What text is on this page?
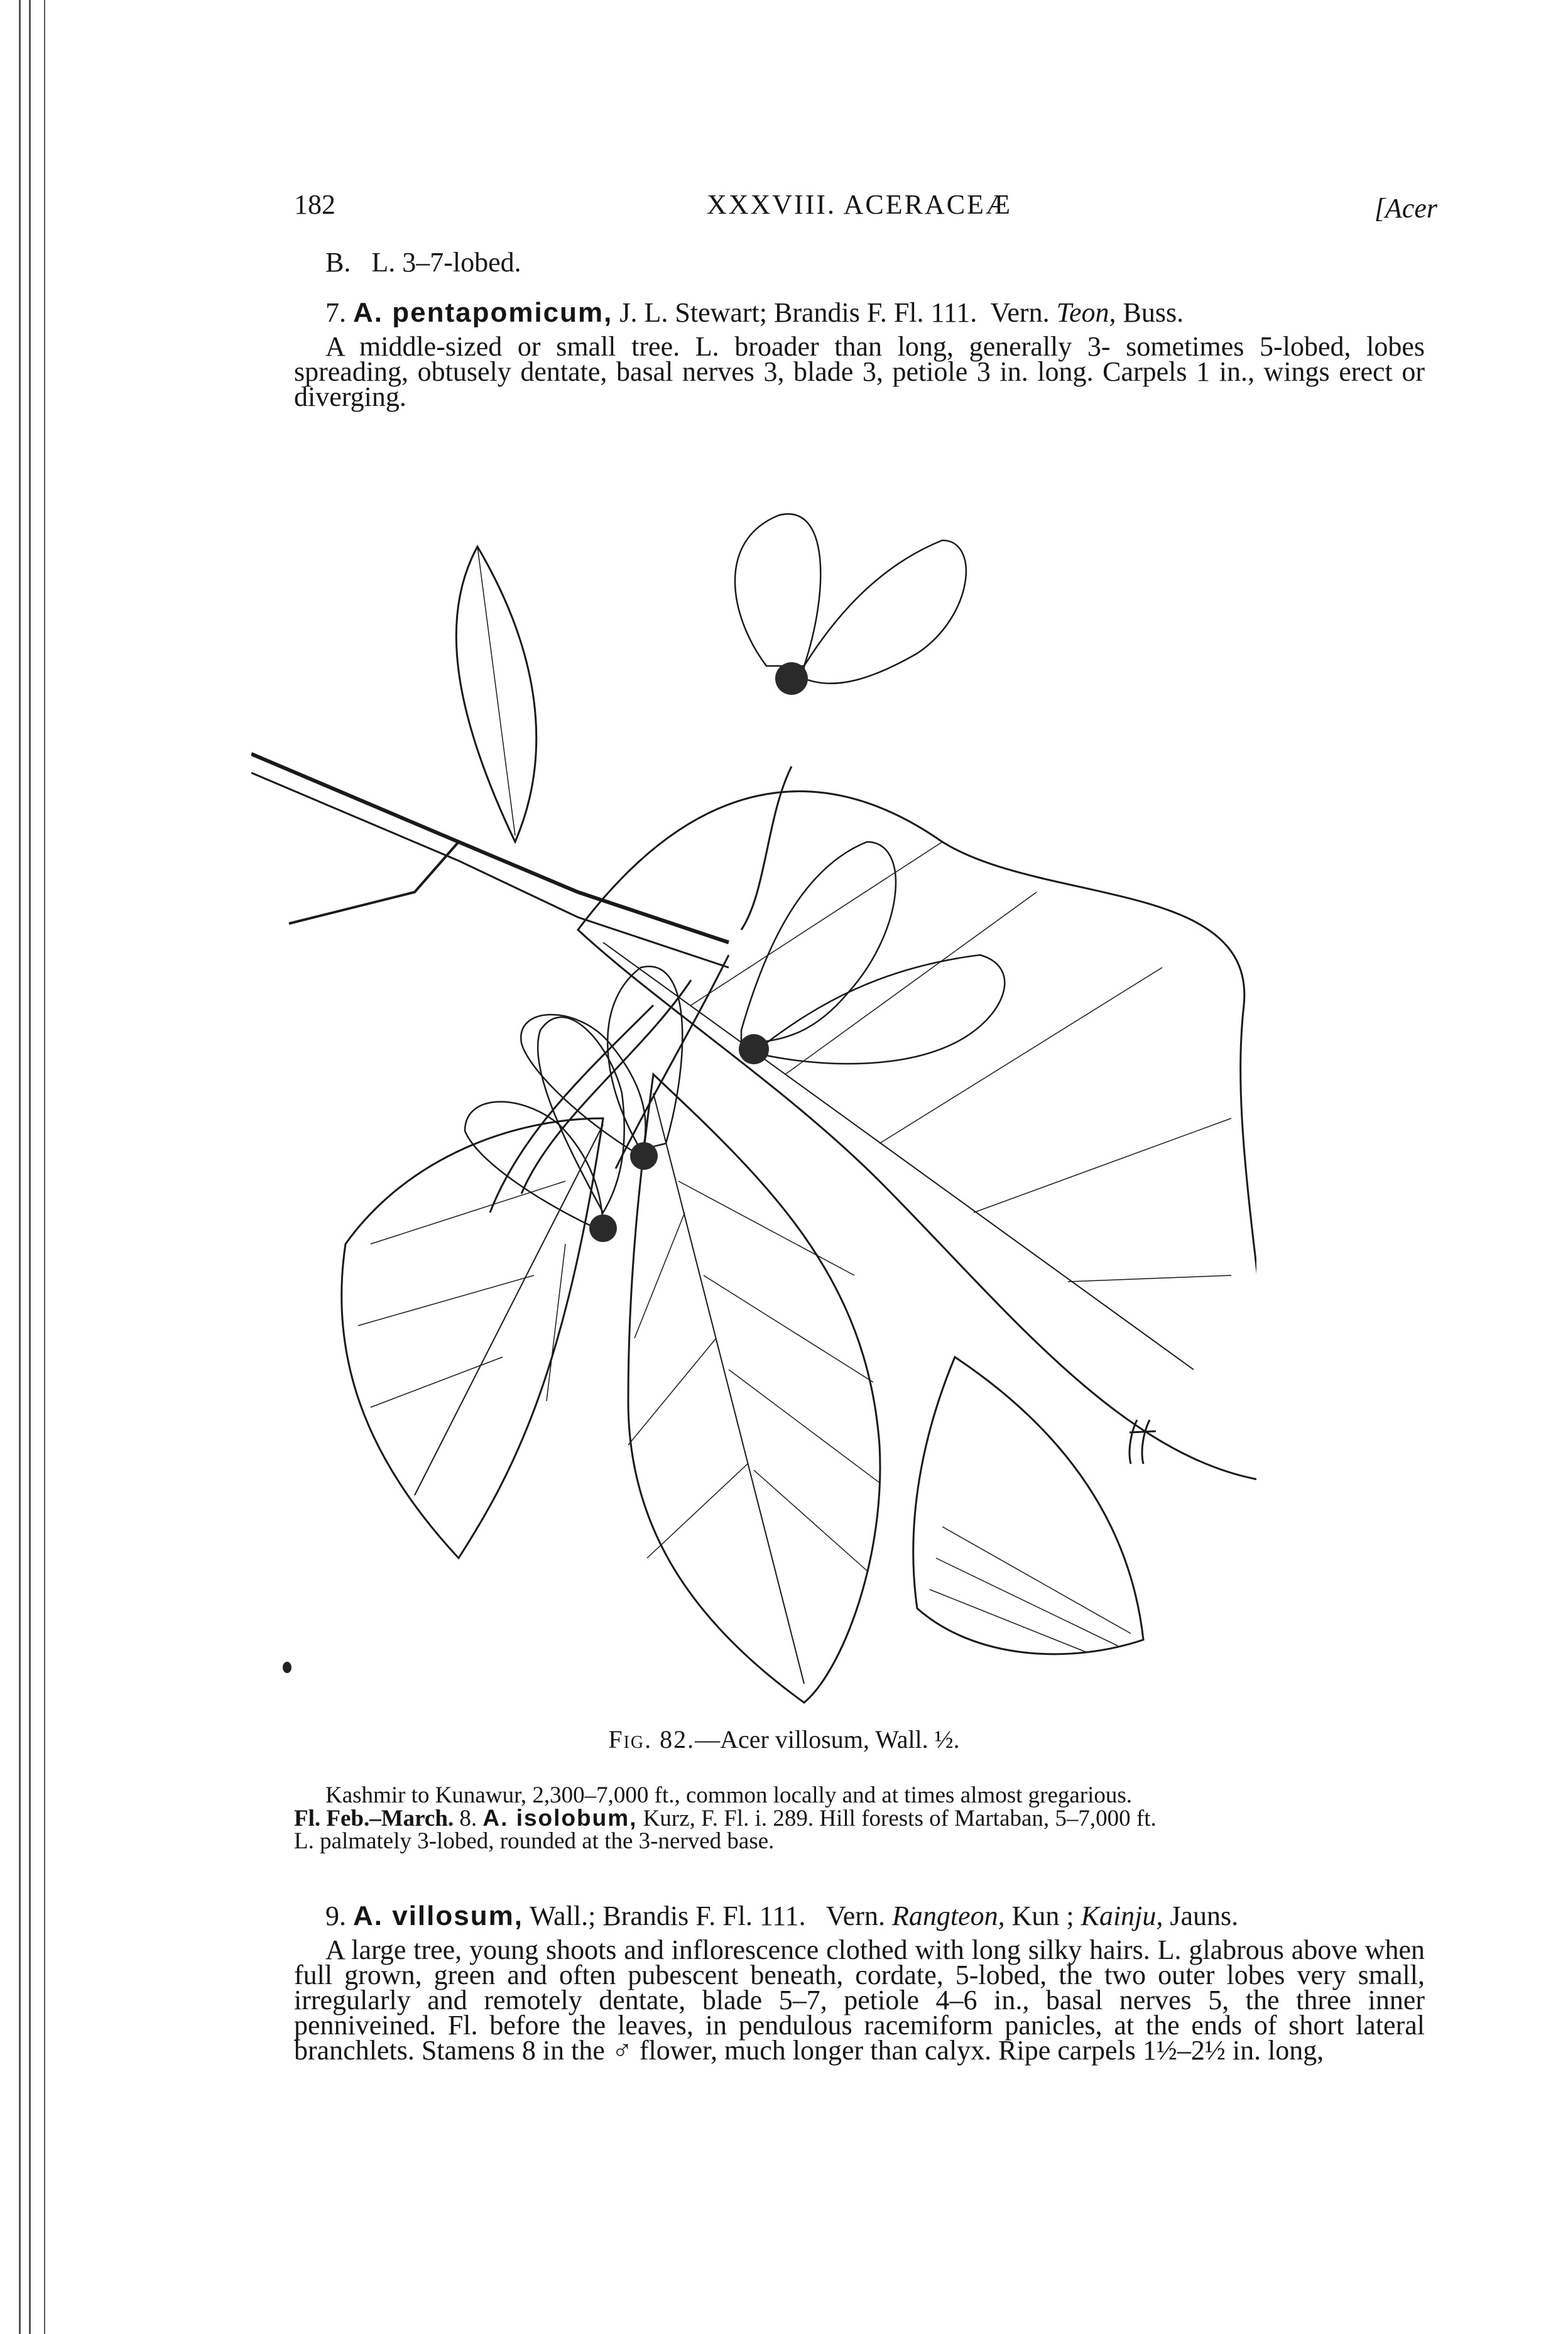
182	XXXVIII. ACERACEÆ	[Acer

B. L. 3–7-lobed.

7. A. pentapomicum, J. L. Stewart; Brandis F. Fl. 111. Vern. Teon, Buss.

A middle-sized or small tree. L. broader than long, generally 3- sometimes 5-lobed, lobes spreading, obtusely dentate, basal nerves 3, blade 3, petiole 3 in. long. Carpels 1 in., wings erect or diverging.

Fig. 82.—Acer villosum, Wall. ½.

Kashmir to Kunawur, 2,300–7,000 ft., common locally and at times almost gregarious.

Fl. Feb.–March. 8. A. isolobum, Kurz, F. Fl. i. 289. Hill forests of Martaban, 5–7,000 ft.

L. palmately 3-lobed, rounded at the 3-nerved base.

9. A. villosum, Wall.; Brandis F. Fl. 111. Vern. Rangteon, Kun ; Kainju, Jauns.

A large tree, young shoots and inflorescence clothed with long silky hairs. L. glabrous above when full grown, green and often pubescent beneath, cordate, 5-lobed, the two outer lobes very small, irregularly and remotely dentate, blade 5–7, petiole 4–6 in., basal nerves 5, the three inner penniveined. Fl. before the leaves, in pendulous racemiform panicles, at the ends of short lateral branchlets. Stamens 8 in the ♂ flower, much longer than calyx. Ripe carpels 1½–2½ in. long,
